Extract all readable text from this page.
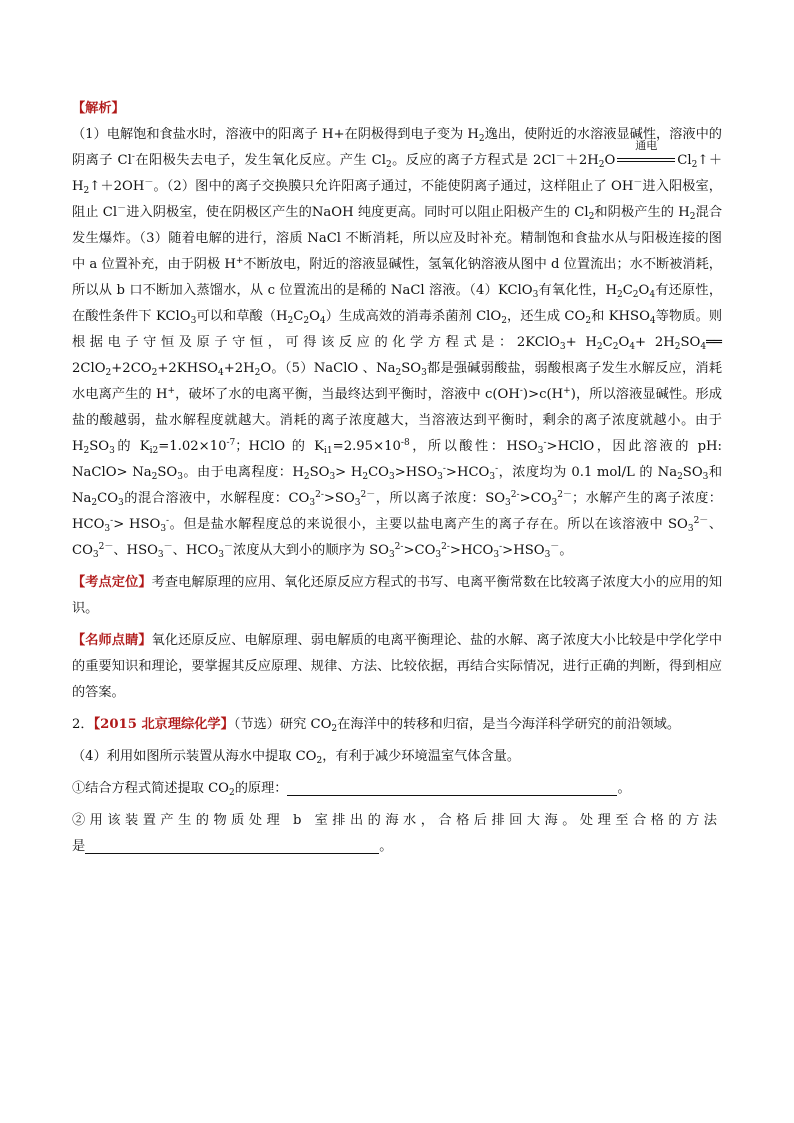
【解析】

（1）电解饱和食盐水时，溶液中的阳离子 H+在阴极得到电子变为 $H_2$逸出，使附近的水溶液显碱性，溶液中的阴离子 Cl-在阳极失去电子，发生氧化反应。产生 $Cl_2$。反应的离子方程式是 $2Cl^-+2H_2O$
通电
$Cl_2↑+H_2↑+2OH^-$。（2）图中的离子交换膜只允许阳离子通过，不能使阴离子通过，这样阻止了 OH－进入阳极室，阻止 Cl－进入阴极室，使在阴极区产生的NaOH 纯度更高。同时可以阻止阳极产生的 $Cl_2$和阴极产生的 $H_2$混合发生爆炸。（3）随着电解的进行，溶质 NaCl 不断消耗，所以应及时补充。精制饱和食盐水从与阳极连接的图中 a 位置补充，由于阴极 H+不断放电，附近的溶液显碱性，氢氧化钠溶液从图中 d 位置流出；水不断被消耗，所以从 b 口不断加入蒸馏水，从 c 位置流出的是稀的 NaCl 溶液。（4）KClO$_3$有氧化性，$H_2C_2O_4$有还原性，在酸性条件下 KClO$_3$可以和草酸$(H_2C_2O_4)$生成高效的消毒杀菌剂 ClO$_2$，还生成 $CO_2$和 $KHSO_4$等物质。则根据电子守恒及原子守恒，可得该反应的化学方程式是：2KClO$_3$+ $H_2C_2O_4+$ $2H_2SO_4══$ $2ClO_2+2CO_2+2KHSO_4+2H_2O$。（5）NaClO 、$Na_2SO_3$都是强碱弱酸盐，弱酸根离子发生水解反应，消耗水电离产生的 H+，破坏了水的电离平衡，当最终达到平衡时，溶液中 c(OH-)>c(H+)，所以溶液显碱性。形成盐的酸越弱，盐水解程度就越大。消耗的离子浓度越大，当溶液达到平衡时，剩余的离子浓度就越小。由于 $H_2SO_3$的 $K_{i2}=1.02\times 10^{-7}$；HClO 的 $K_{i1}=2.95\times 10^{-8}$，所以酸性：$HSO_3^->HClO$，因此溶液的 pH: NaClO> $Na_2SO_3$。由于电离程度：$H_2SO_3> H_2CO_3>HSO_3^->HCO_3^-$，浓度均为 0.1 mol/L 的 $Na_2SO_3$和 $Na_2CO_3$的混合溶液中，水解程度：$CO_3^{2-}>SO_3^{2-}$，所以离子浓度：$SO_3^{2-}>CO_3^{2-}$；水解产生的离子浓度：$HCO_3^-> HSO_3^-$。但是盐水解程度总的来说很小，主要以盐电离产生的离子存在。所以在该溶液中 $SO_3^{2-}$、$CO_3^{2-}$、$HSO_3^-$、$HCO_3^-$浓度从大到小的顺序为 $SO_3^{2-}>CO_3^{2-}>HCO_3^->HSO_3^-$。

【考点定位】考查电解原理的应用、氧化还原反应方程式的书写、电离平衡常数在比较离子浓度大小的应用的知识。

【名师点睛】氧化还原反应、电解原理、弱电解质的电离平衡理论、盐的水解、离子浓度大小比较是中学化学中的重要知识和理论，要掌握其反应原理、规律、方法、比较依据，再结合实际情况，进行正确的判断，得到相应的答案。

2．【2015 北京理综化学】（节选）研究 $CO_2$在海洋中的转移和归宿，是当今海洋科学研究的前沿领域。

（4）利用如图所示装置从海水中提取 $CO_2$，有利于减少环境温室气体含量。

①结合方程式简述提取 $CO_2$的原理：	。

②用该装置产生的物质处理 b 室排出的海水，合格后排回大海。处理至合格的方法
是	。
